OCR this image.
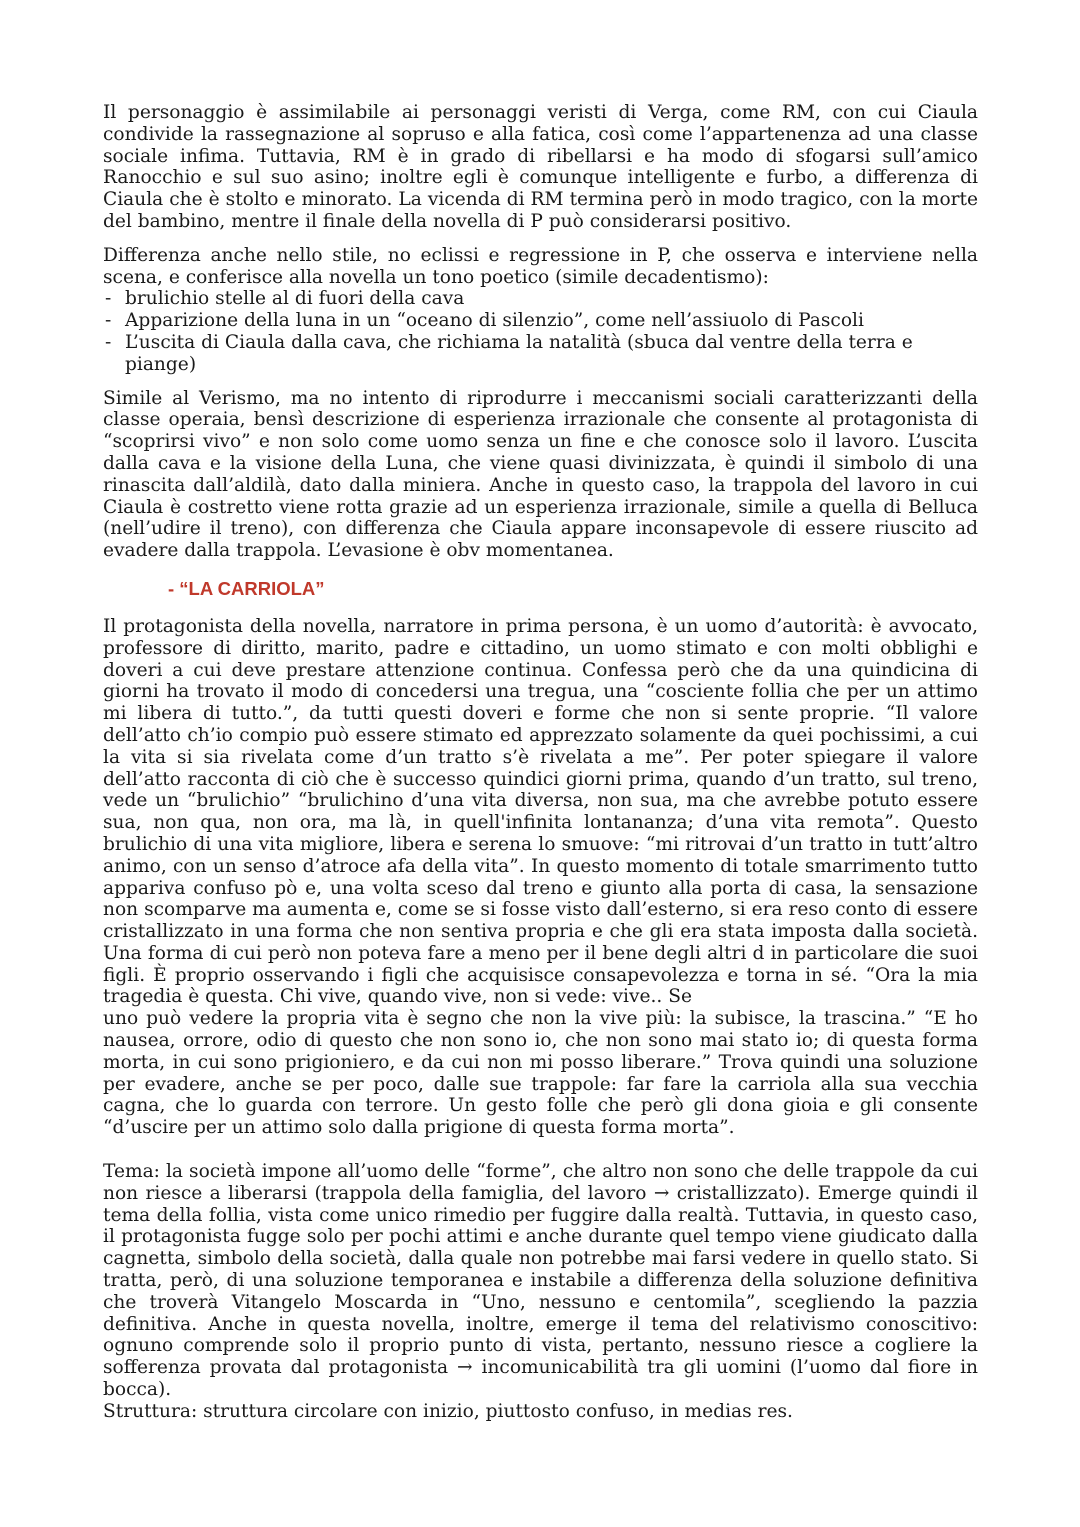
Il personaggio è assimilabile ai personaggi veristi di Verga, come RM, con cui Ciaula condivide la rassegnazione al sopruso e alla fatica, così come l’appartenenza ad una classe sociale infima. Tuttavia, RM è in grado di ribellarsi e ha modo di sfogarsi sull’amico Ranocchio e sul suo asino; inoltre egli è comunque intelligente e furbo, a differenza di Ciaula che è stolto e minorato. La vicenda di RM termina però in modo tragico, con la morte del bambino, mentre il finale della novella di P può considerarsi positivo.

Differenza anche nello stile, no eclissi e regressione in P, che osserva e interviene nella scena, e conferisce alla novella un tono poetico (simile decadentismo):

- brulichio stelle al di fuori della cava
- Apparizione della luna in un “oceano di silenzio”, come nell’assiuolo di Pascoli
- L’uscita di Ciaula dalla cava, che richiama la natalità (sbuca dal ventre della terra e piange)

Simile al Verismo, ma no intento di riprodurre i meccanismi sociali caratterizzanti della classe operaia, bensì descrizione di esperienza irrazionale che consente al protagonista di “scoprirsi vivo” e non solo come uomo senza un fine e che conosce solo il lavoro. L’uscita dalla cava e la visione della Luna, che viene quasi divinizzata, è quindi il simbolo di una rinascita dall’aldilà, dato dalla miniera. Anche in questo caso, la trappola del lavoro in cui Ciaula è costretto viene rotta grazie ad un esperienza irrazionale, simile a quella di Belluca (nell’udire il treno), con differenza che Ciaula appare inconsapevole di essere riuscito ad evadere dalla trappola. L’evasione è obv momentanea.

- “LA CARRIOLA”

Il protagonista della novella, narratore in prima persona, è un uomo d’autorità: è avvocato, professore di diritto, marito, padre e cittadino, un uomo stimato e con molti obblighi e doveri a cui deve prestare attenzione continua. Confessa però che da una quindicina di giorni ha trovato il modo di concedersi una tregua, una “cosciente follia che per un attimo mi libera di tutto.”, da tutti questi doveri e forme che non si sente proprie. “Il valore dell’atto ch’io compio può essere stimato ed apprezzato solamente da quei pochissimi, a cui la vita si sia rivelata come d’un tratto s’è rivelata a me”. Per poter spiegare il valore dell’atto racconta di ciò che è successo quindici giorni prima, quando d’un tratto, sul treno, vede un “brulichio” “brulichino d’una vita diversa, non sua, ma che avrebbe potuto essere sua, non qua, non ora, ma là, in quell'infinita lontananza; d’una vita remota”. Questo brulichio di una vita migliore, libera e serena lo smuove: “mi ritrovai d’un tratto in tutt’altro animo, con un senso d’atroce afa della vita”. In questo momento di totale smarrimento tutto appariva confuso pò e, una volta sceso dal treno e giunto alla porta di casa, la sensazione non scomparve ma aumenta e, come se si fosse visto dall’esterno, si era reso conto di essere cristallizzato in una forma che non sentiva propria e che gli era stata imposta dalla società. Una forma di cui però non poteva fare a meno per il bene degli altri d in particolare die suoi figli. È proprio osservando i figli che acquisisce consapevolezza e torna in sé. “Ora la mia tragedia è questa. Chi vive, quando vive, non si vede: vive.. Se

uno può vedere la propria vita è segno che non la vive più: la subisce, la trascina.” “E ho nausea, orrore, odio di questo che non sono io, che non sono mai stato io; di questa forma morta, in cui sono prigioniero, e da cui non mi posso liberare.” Trova quindi una soluzione per evadere, anche se per poco, dalle sue trappole: far fare la carriola alla sua vecchia cagna, che lo guarda con terrore. Un gesto folle che però gli dona gioia e gli consente “d’uscire per un attimo solo dalla prigione di questa forma morta”.

Tema: la società impone all’uomo delle “forme”, che altro non sono che delle trappole da cui non riesce a liberarsi (trappola della famiglia, del lavoro → cristallizzato). Emerge quindi il tema della follia, vista come unico rimedio per fuggire dalla realtà. Tuttavia, in questo caso, il protagonista fugge solo per pochi attimi e anche durante quel tempo viene giudicato dalla cagnetta, simbolo della società, dalla quale non potrebbe mai farsi vedere in quello stato. Si tratta, però, di una soluzione temporanea e instabile a differenza della soluzione definitiva che troverà Vitangelo Moscarda in “Uno, nessuno e centomila”, scegliendo la pazzia definitiva. Anche in questa novella, inoltre, emerge il tema del relativismo conoscitivo: ognuno comprende solo il proprio punto di vista, pertanto, nessuno riesce a cogliere la sofferenza provata dal protagonista → incomunicabilità tra gli uomini (l’uomo dal fiore in bocca).

Struttura: struttura circolare con inizio, piuttosto confuso, in medias res.
